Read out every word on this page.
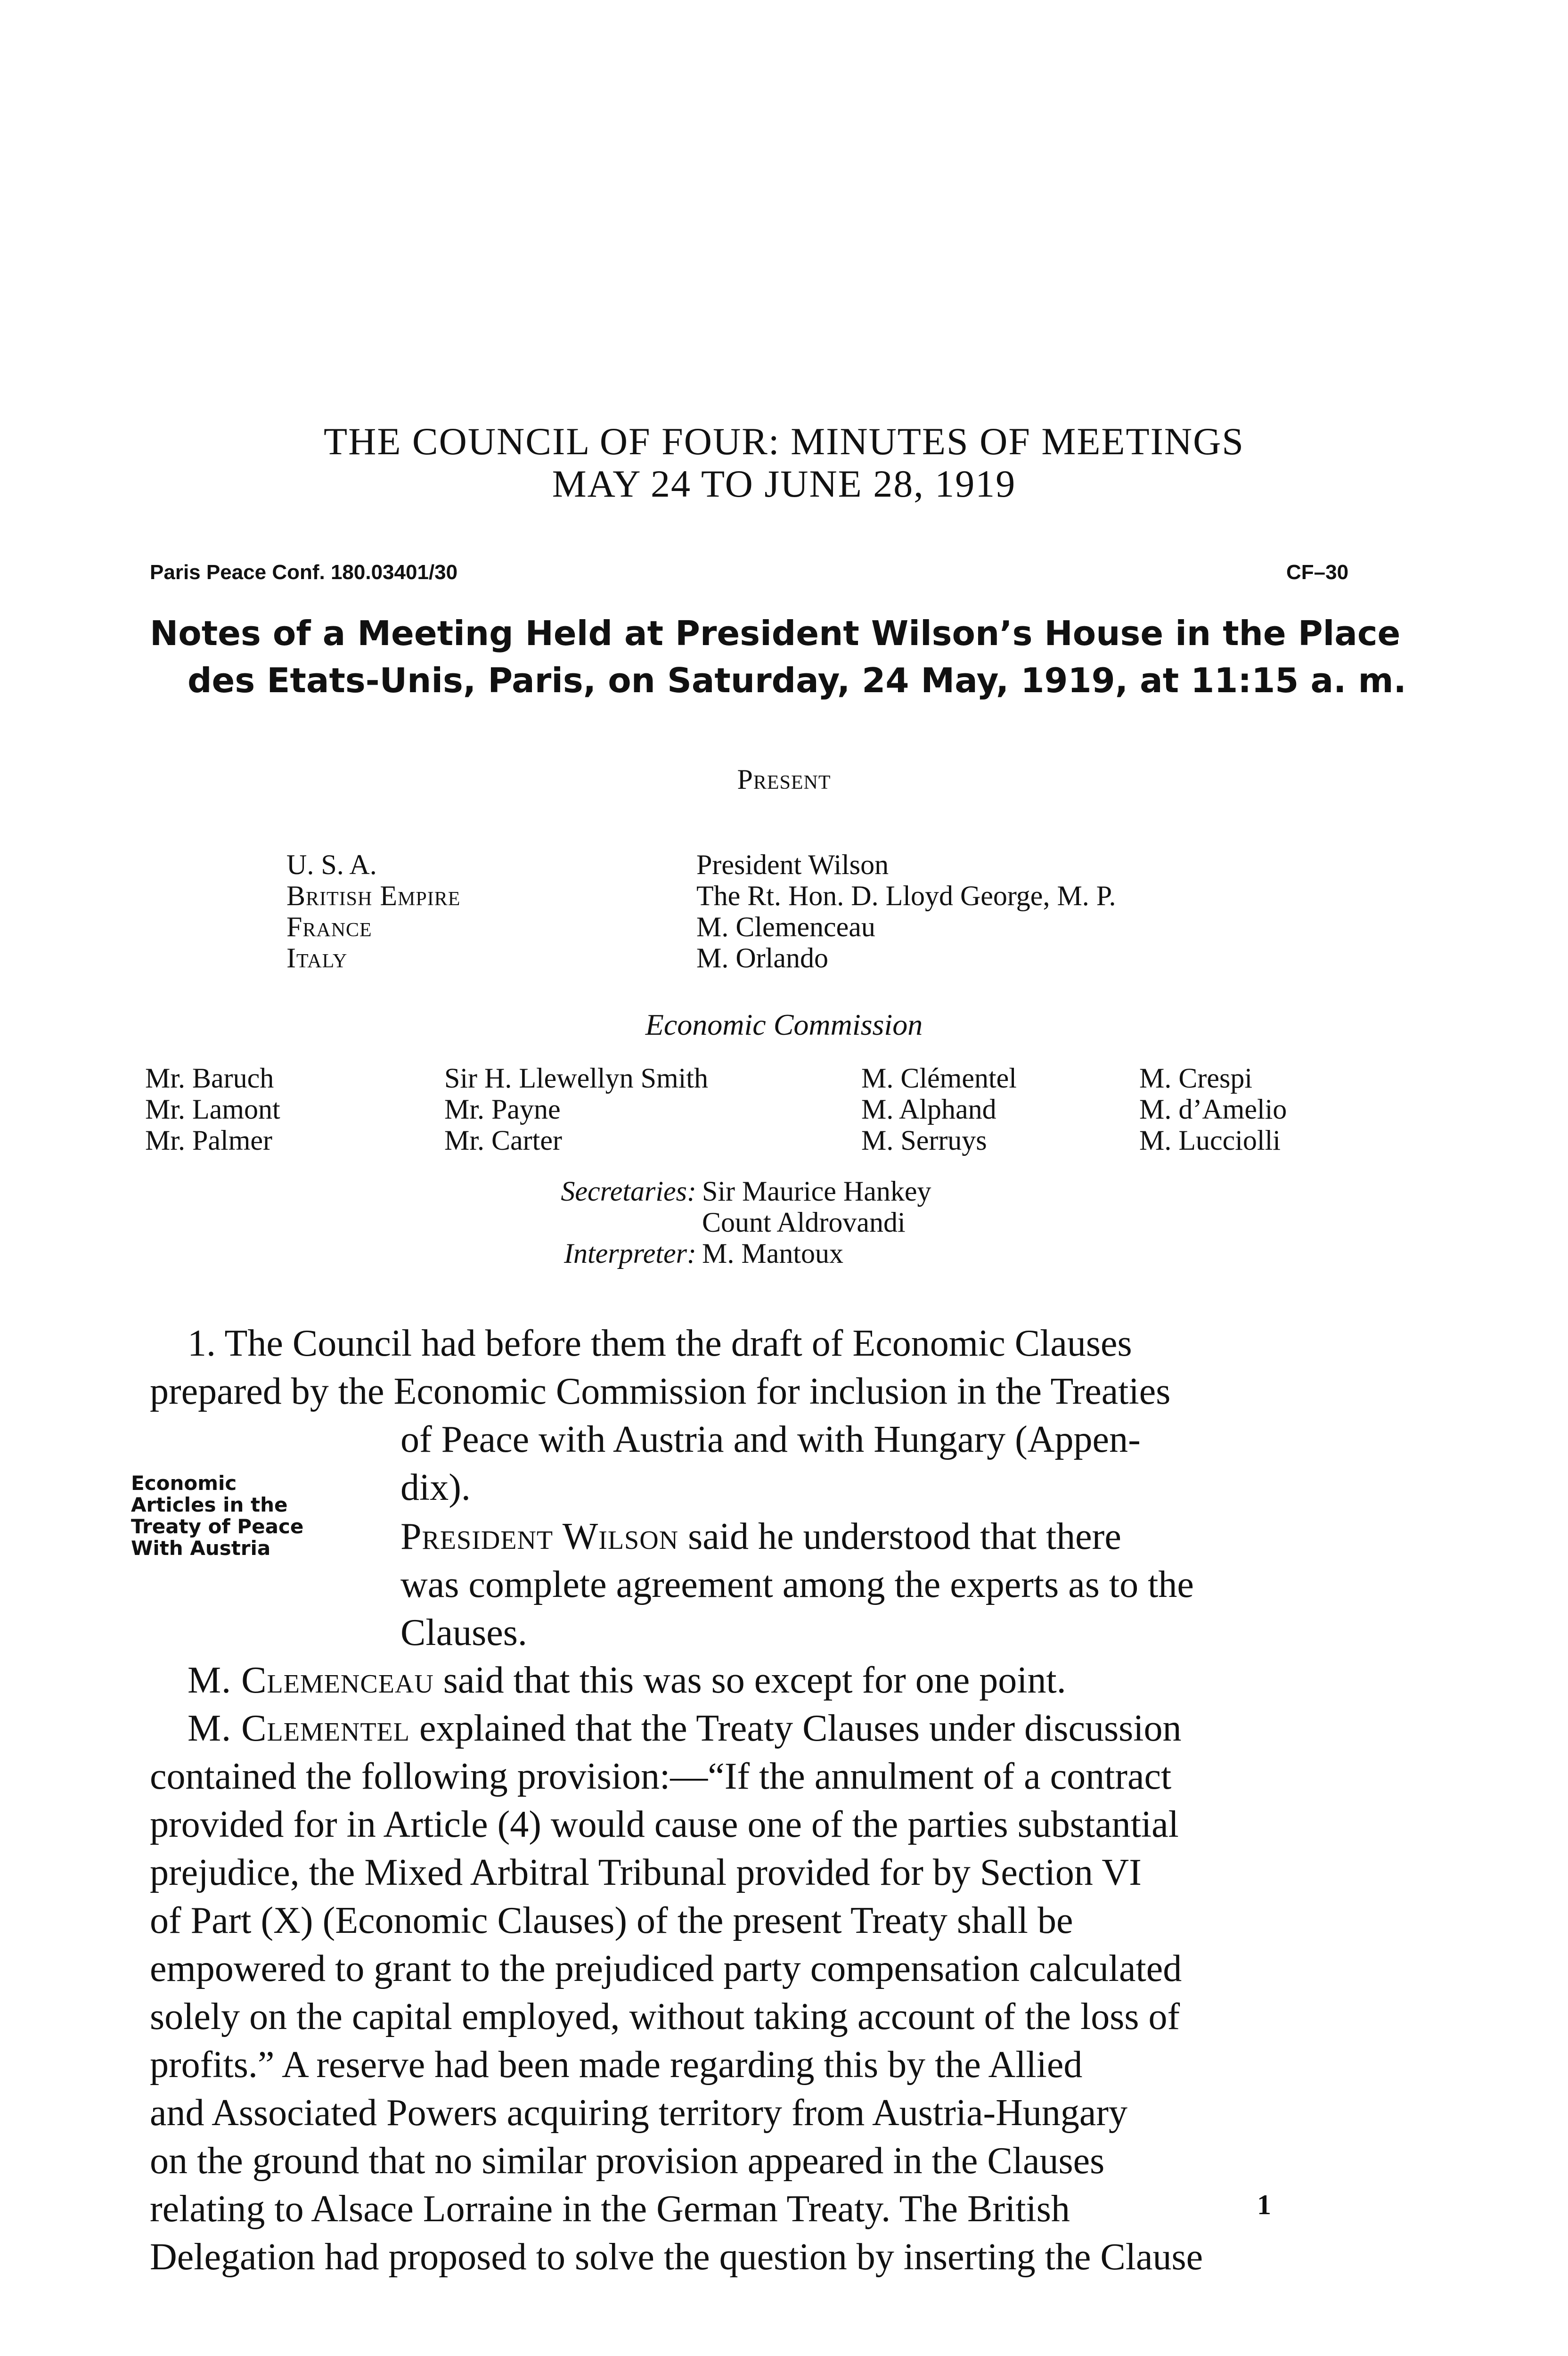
THE COUNCIL OF FOUR: MINUTES OF MEETINGS
MAY 24 TO JUNE 28, 1919
Paris Peace Conf. 180.03401/30	CF–30
Notes of a Meeting Held at President Wilson’s House in the Place
des Etats-Unis, Paris, on Saturday, 24 May, 1919, at 11:15 a. m.
Present
U. S. A.
British Empire
France
Italy
President Wilson
The Rt. Hon. D. Lloyd George, M. P.
M. Clemenceau
M. Orlando
Economic Commission
Mr. Baruch
Mr. Lamont
Mr. Palmer
Sir H. Llewellyn Smith
Mr. Payne
Mr. Carter
M. Clémentel
M. Alphand
M. Serruys
M. Crespi
M. d’Amelio
M. Lucciolli
Secretaries: Sir Maurice Hankey
Count Aldrovandi
Interpreter: M. Mantoux
1. The Council had before them the draft of Economic Clauses
prepared by the Economic Commission for inclusion in the Treaties
of Peace with Austria and with Hungary (Appen-
dix).
Economic
Articles in the
Treaty of Peace
With Austria	President Wilson said he understood that there
was complete agreement among the experts as to the
Clauses.
M. Clemenceau said that this was so except for one point.
M. Clementel explained that the Treaty Clauses under discussion
contained the following provision:—“If the annulment of a contract
provided for in Article (4) would cause one of the parties substantial
prejudice, the Mixed Arbitral Tribunal provided for by Section VI
of Part (X) (Economic Clauses) of the present Treaty shall be
empowered to grant to the prejudiced party compensation calculated
solely on the capital employed, without taking account of the loss of
profits.” A reserve had been made regarding this by the Allied
and Associated Powers acquiring territory from Austria-Hungary
on the ground that no similar provision appeared in the Clauses
relating to Alsace Lorraine in the German Treaty. The British
Delegation had proposed to solve the question by inserting the Clause
1
